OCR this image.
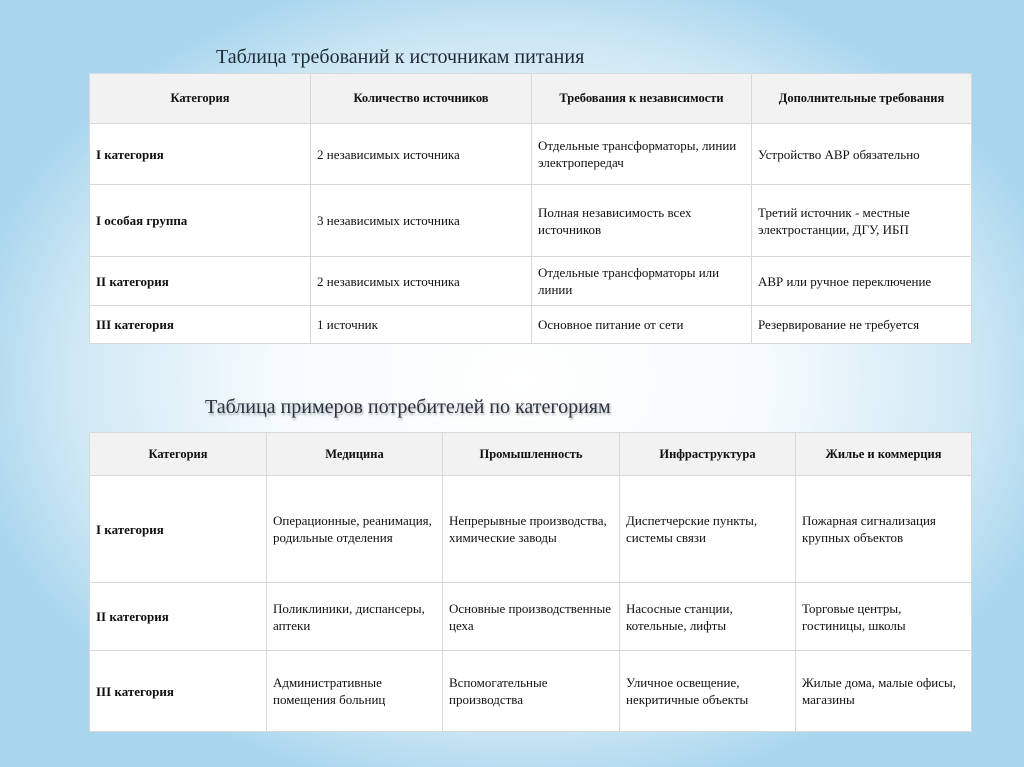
Таблица требований к источникам питания
Категория	Количество источников	Требования к независимости	Дополнительные требования
I категория	2 независимых источника	Отдельные трансформаторы, линии электропередач	Устройство АВР обязательно
I особая группа	3 независимых источника	Полная независимость всех источников	Третий источник - местные электростанции, ДГУ, ИБП
II категория	2 независимых источника	Отдельные трансформаторы или линии	АВР или ручное переключение
III категория	1 источник	Основное питание от сети	Резервирование не требуется
Таблица примеров потребителей по категориям
Категория	Медицина	Промышленность	Инфраструктура	Жилье и коммерция
I категория	Операционные, реанимация, родильные отделения	Непрерывные производства, химические заводы	Диспетчерские пункты, системы связи	Пожарная сигнализация крупных объектов
II категория	Поликлиники, диспансеры, аптеки	Основные производственные цеха	Насосные станции, котельные, лифты	Торговые центры, гостиницы, школы
III категория	Административные помещения больниц	Вспомогательные производства	Уличное освещение, некритичные объекты	Жилые дома, малые офисы, магазины
